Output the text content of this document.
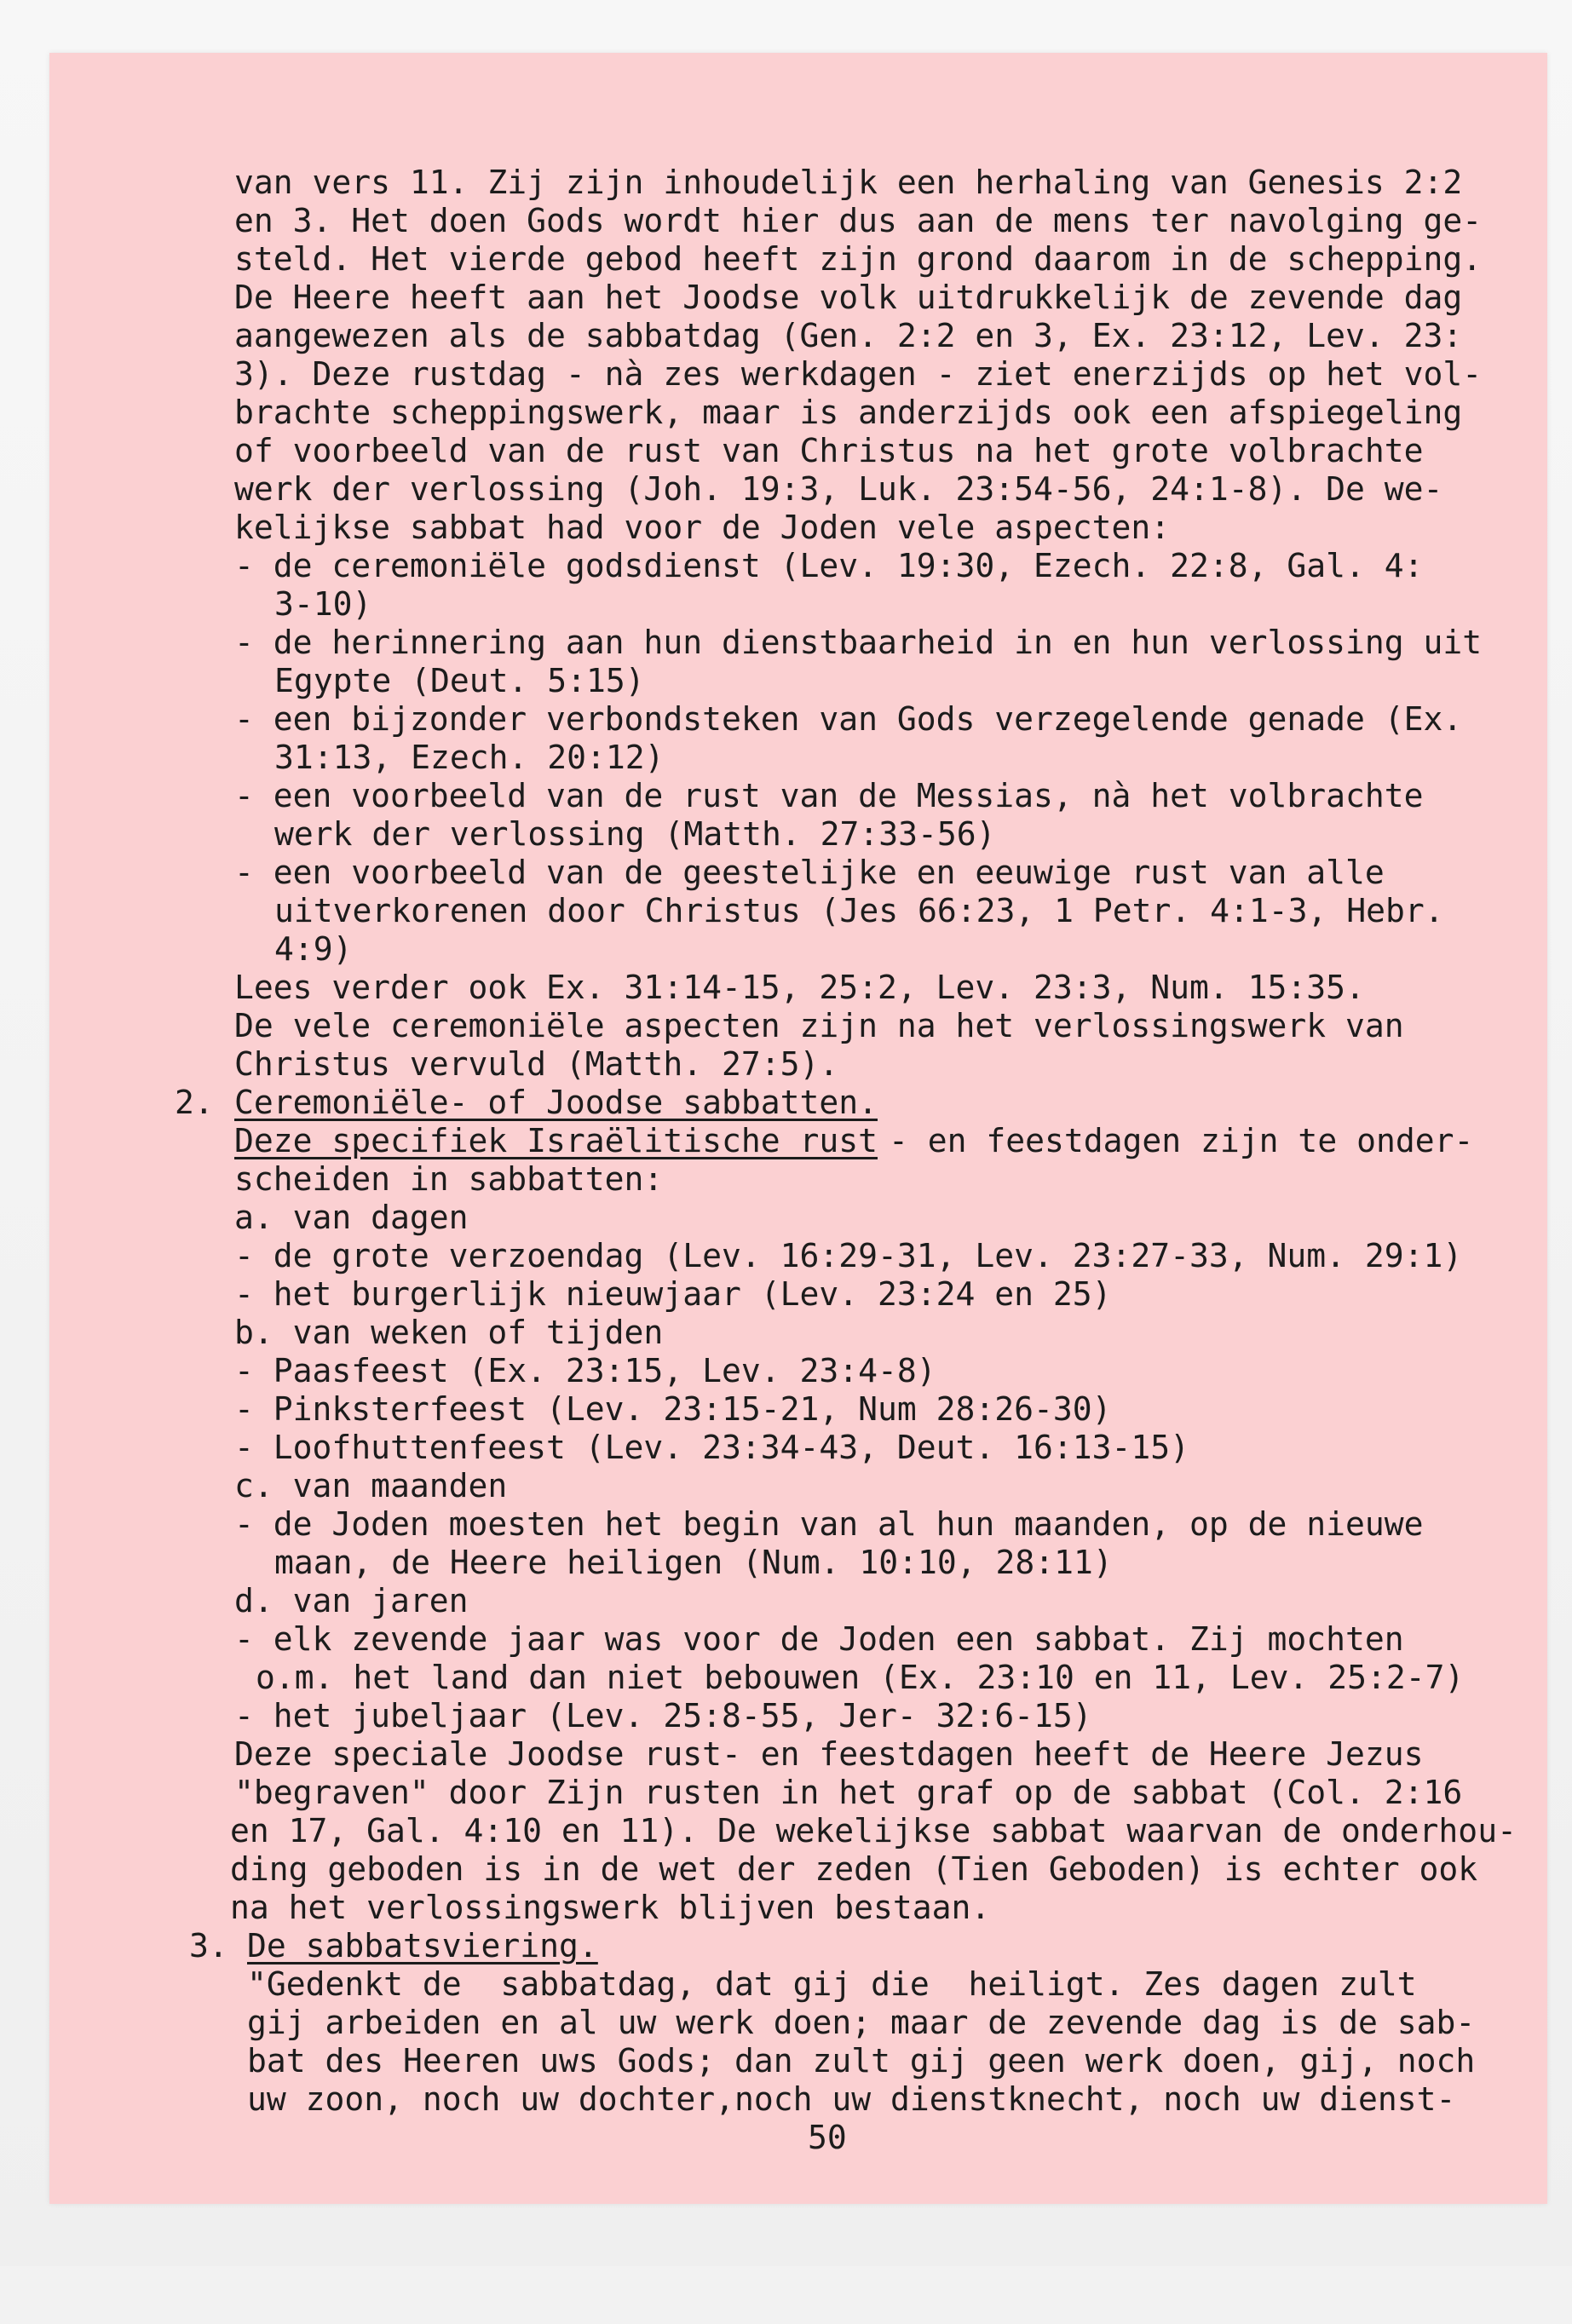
van vers 11. Zij zijn inhoudelijk een herhaling van Genesis 2:2

en 3. Het doen Gods wordt hier dus aan de mens ter navolging ge-

steld. Het vierde gebod heeft zijn grond daarom in de schepping.

De Heere heeft aan het Joodse volk uitdrukkelijk de zevende dag

aangewezen als de sabbatdag (Gen. 2:2 en 3, Ex. 23:12, Lev. 23:

3). Deze rustdag - nà zes werkdagen - ziet enerzijds op het vol-

brachte scheppingswerk, maar is anderzijds ook een afspiegeling

of voorbeeld van de rust van Christus na het grote volbrachte

werk der verlossing (Joh. 19:3, Luk. 23:54-56, 24:1-8). De we-

kelijkse sabbat had voor de Joden vele aspecten:

- de ceremoniële godsdienst (Lev. 19:30, Ezech. 22:8, Gal. 4:

3-10)

- de herinnering aan hun dienstbaarheid in en hun verlossing uit

Egypte (Deut. 5:15)

- een bijzonder verbondsteken van Gods verzegelende genade (Ex.

31:13, Ezech. 20:12)

- een voorbeeld van de rust van de Messias, nà het volbrachte

werk der verlossing (Matth. 27:33-56)

- een voorbeeld van de geestelijke en eeuwige rust van alle

uitverkorenen door Christus (Jes 66:23, 1 Petr. 4:1-3, Hebr.

4:9)

Lees verder ook Ex. 31:14-15, 25:2, Lev. 23:3, Num. 15:35.

De vele ceremoniële aspecten zijn na het verlossingswerk van

Christus vervuld (Matth. 27:5).

2.

Ceremoniële- of Joodse sabbatten.

Deze specifiek Israëlitische rust

- en feestdagen zijn te onder-

scheiden in sabbatten:

a. van dagen

- de grote verzoendag (Lev. 16:29-31, Lev. 23:27-33, Num. 29:1)

- het burgerlijk nieuwjaar (Lev. 23:24 en 25)

b. van weken of tijden

- Paasfeest (Ex. 23:15, Lev. 23:4-8)

- Pinksterfeest (Lev. 23:15-21, Num 28:26-30)

- Loofhuttenfeest (Lev. 23:34-43, Deut. 16:13-15)

c. van maanden

- de Joden moesten het begin van al hun maanden, op de nieuwe

maan, de Heere heiligen (Num. 10:10, 28:11)

d. van jaren

- elk zevende jaar was voor de Joden een sabbat. Zij mochten

o.m. het land dan niet bebouwen (Ex. 23:10 en 11, Lev. 25:2-7)

- het jubeljaar (Lev. 25:8-55, Jer- 32:6-15)

Deze speciale Joodse rust- en feestdagen heeft de Heere Jezus

"begraven" door Zijn rusten in het graf op de sabbat (Col. 2:16

en 17, Gal. 4:10 en 11). De wekelijkse sabbat waarvan de onderhou-

ding geboden is in de wet der zeden (Tien Geboden) is echter ook

na het verlossingswerk blijven bestaan.

3.

De sabbatsviering.

"Gedenkt de  sabbatdag, dat gij die  heiligt. Zes dagen zult

gij arbeiden en al uw werk doen; maar de zevende dag is de sab-

bat des Heeren uws Gods; dan zult gij geen werk doen, gij, noch

uw zoon, noch uw dochter,noch uw dienstknecht, noch uw dienst-

50
